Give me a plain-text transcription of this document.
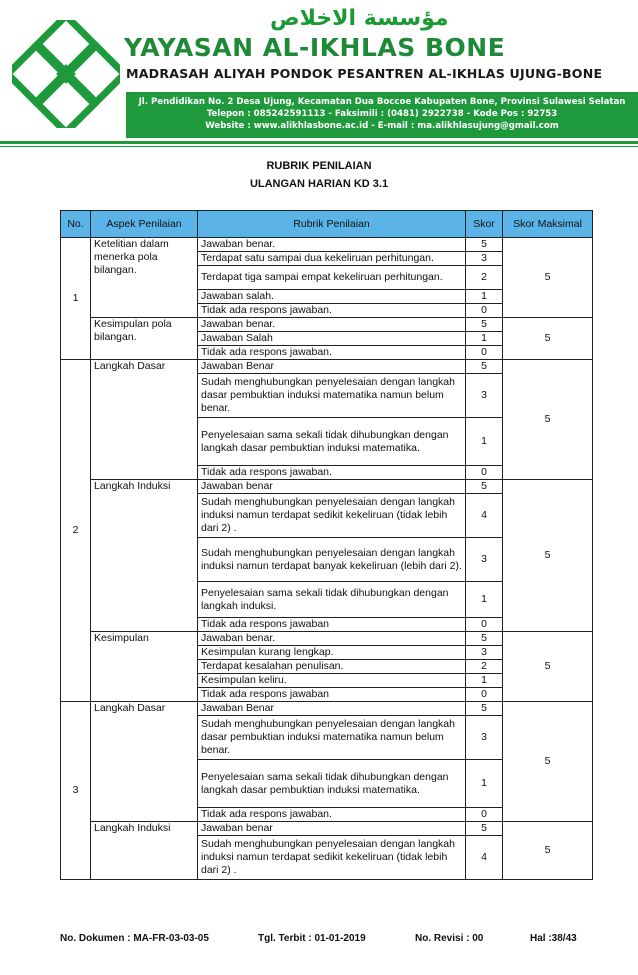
مؤسسة الاخلاص
YAYASAN AL-IKHLAS BONE
MADRASAH ALIYAH PONDOK PESANTREN AL-IKHLAS UJUNG-BONE
Jl. Pendidikan No. 2 Desa Ujung, Kecamatan Dua Boccoe Kabupaten Bone, Provinsi Sulawesi Selatan
Telepon : 085242591113 - Faksimili : (0481) 2922738 - Kode Pos : 92753
Website : www.alikhlasbone.ac.id - E-mail : ma.alikhlasujung@gmail.com
RUBRIK PENILAIAN
ULANGAN HARIAN KD 3.1
No.	Aspek Penilaian	Rubrik Penilaian	Skor	Skor Maksimal
1	Ketelitian dalam menerka pola bilangan.	Jawaban benar.	5	5
		Terdapat satu sampai dua kekeliruan perhitungan.	3	
		Terdapat tiga sampai empat kekeliruan perhitungan.	2	
		Jawaban salah.	1	
		Tidak ada respons jawaban.	0	
	Kesimpulan pola bilangan.	Jawaban benar.	5	5
		Jawaban Salah	1	
		Tidak ada respons jawaban.	0	
2	Langkah Dasar	Jawaban Benar	5	5
		Sudah menghubungkan penyelesaian dengan langkah dasar pembuktian induksi matematika namun belum benar.	3	
		Penyelesaian sama sekali tidak dihubungkan dengan langkah dasar pembuktian induksi matematika.	1	
		Tidak ada respons jawaban.	0	
	Langkah Induksi	Jawaban benar	5	5
		Sudah menghubungkan penyelesaian dengan langkah induksi namun terdapat sedikit kekeliruan (tidak lebih dari 2) .	4	
		Sudah menghubungkan penyelesaian dengan langkah induksi namun terdapat banyak kekeliruan (lebih dari 2).	3	
		Penyelesaian sama sekali tidak dihubungkan dengan langkah induksi.	1	
		Tidak ada respons jawaban	0	
	Kesimpulan	Jawaban benar.	5	5
		Kesimpulan kurang lengkap.	3	
		Terdapat kesalahan penulisan.	2	
		Kesimpulan keliru.	1	
		Tidak ada respons jawaban	0	
3	Langkah Dasar	Jawaban Benar	5	5
		Sudah menghubungkan penyelesaian dengan langkah dasar pembuktian induksi matematika namun belum benar.	3	
		Penyelesaian sama sekali tidak dihubungkan dengan langkah dasar pembuktian induksi matematika.	1	
		Tidak ada respons jawaban.	0	
	Langkah Induksi	Jawaban benar	5	5
		Sudah menghubungkan penyelesaian dengan langkah induksi namun terdapat sedikit kekeliruan (tidak lebih dari 2) .	4	
No. Dokumen : MA-FR-03-03-05	Tgl. Terbit : 01-01-2019	No. Revisi : 00	Hal :38/43
